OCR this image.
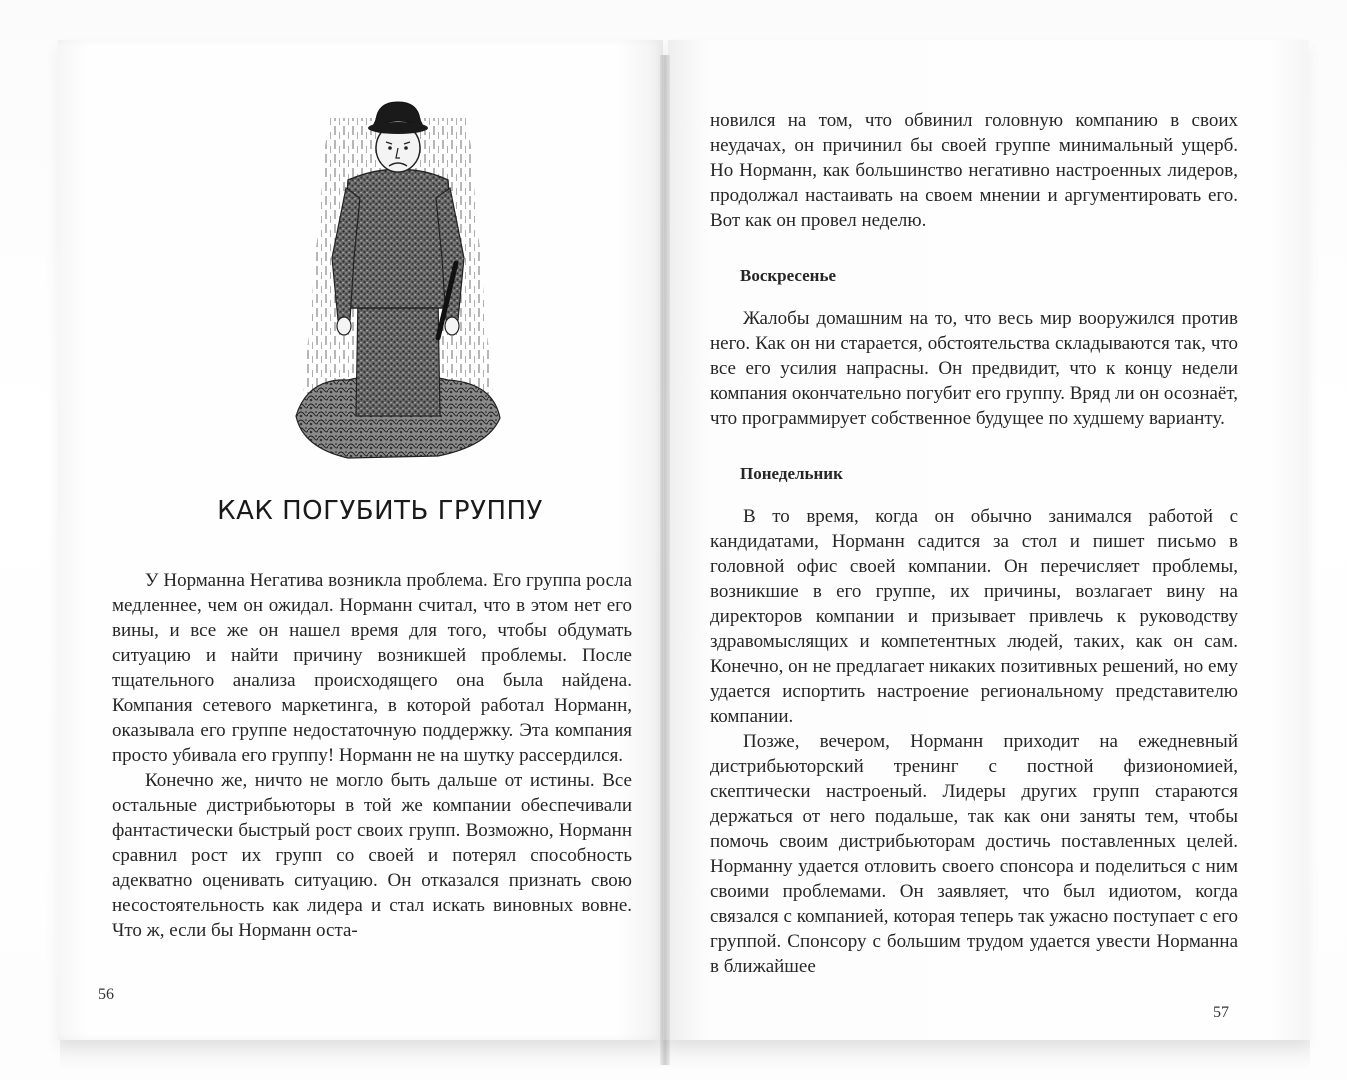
КАК ПОГУБИТЬ ГРУППУ

У Норманна Негатива возникла проблема. Его группа росла медленнее, чем он ожидал. Норманн считал, что в этом нет его вины, и все же он нашел время для того, чтобы обдумать ситуацию и найти причину возникшей проблемы. После тщательного анализа происходящего она была найдена. Компания сетевого маркетинга, в которой работал Норманн, оказывала его группе недостаточную поддержку. Эта компания просто убивала его группу! Норманн не на шутку рассердился.

Конечно же, ничто не могло быть дальше от истины. Все остальные дистрибьюторы в той же компании обеспечивали фантастически быстрый рост своих групп. Возможно, Норманн сравнил рост их групп со своей и потерял способность адекватно оценивать ситуацию. Он отказался признать свою несостоятельность как лидера и стал искать виновных вовне. Что ж, если бы Норманн оста-

56

новился на том, что обвинил головную компанию в своих неудачах, он причинил бы своей группе минимальный ущерб. Но Норманн, как большинство негативно настроенных лидеров, продолжал настаивать на своем мнении и аргументировать его. Вот как он провел неделю.

Воскресенье

Жалобы домашним на то, что весь мир вооружился против него. Как он ни старается, обстоятельства складываются так, что все его усилия напрасны. Он предвидит, что к концу недели компания окончательно погубит его группу. Вряд ли он осознаёт, что программирует собственное будущее по худшему варианту.

Понедельник

В то время, когда он обычно занимался работой с кандидатами, Норманн садится за стол и пишет письмо в головной офис своей компании. Он перечисляет проблемы, возникшие в его группе, их причины, возлагает вину на директоров компании и призывает привлечь к руководству здравомыслящих и компетентных людей, таких, как он сам. Конечно, он не предлагает никаких позитивных решений, но ему удается испортить настроение региональному представителю компании.

Позже, вечером, Норманн приходит на ежедневный дистрибьюторский тренинг с постной физиономией, скептически настроеный. Лидеры других групп стараются держаться от него подальше, так как они заняты тем, чтобы помочь своим дистрибьюторам достичь поставленных целей. Норманну удается отловить своего спонсора и поделиться с ним своими проблемами. Он заявляет, что был идиотом, когда связался с компанией, которая теперь так ужасно поступает с его группой. Спонсору с большим трудом удается увести Норманна в ближайшее

57
